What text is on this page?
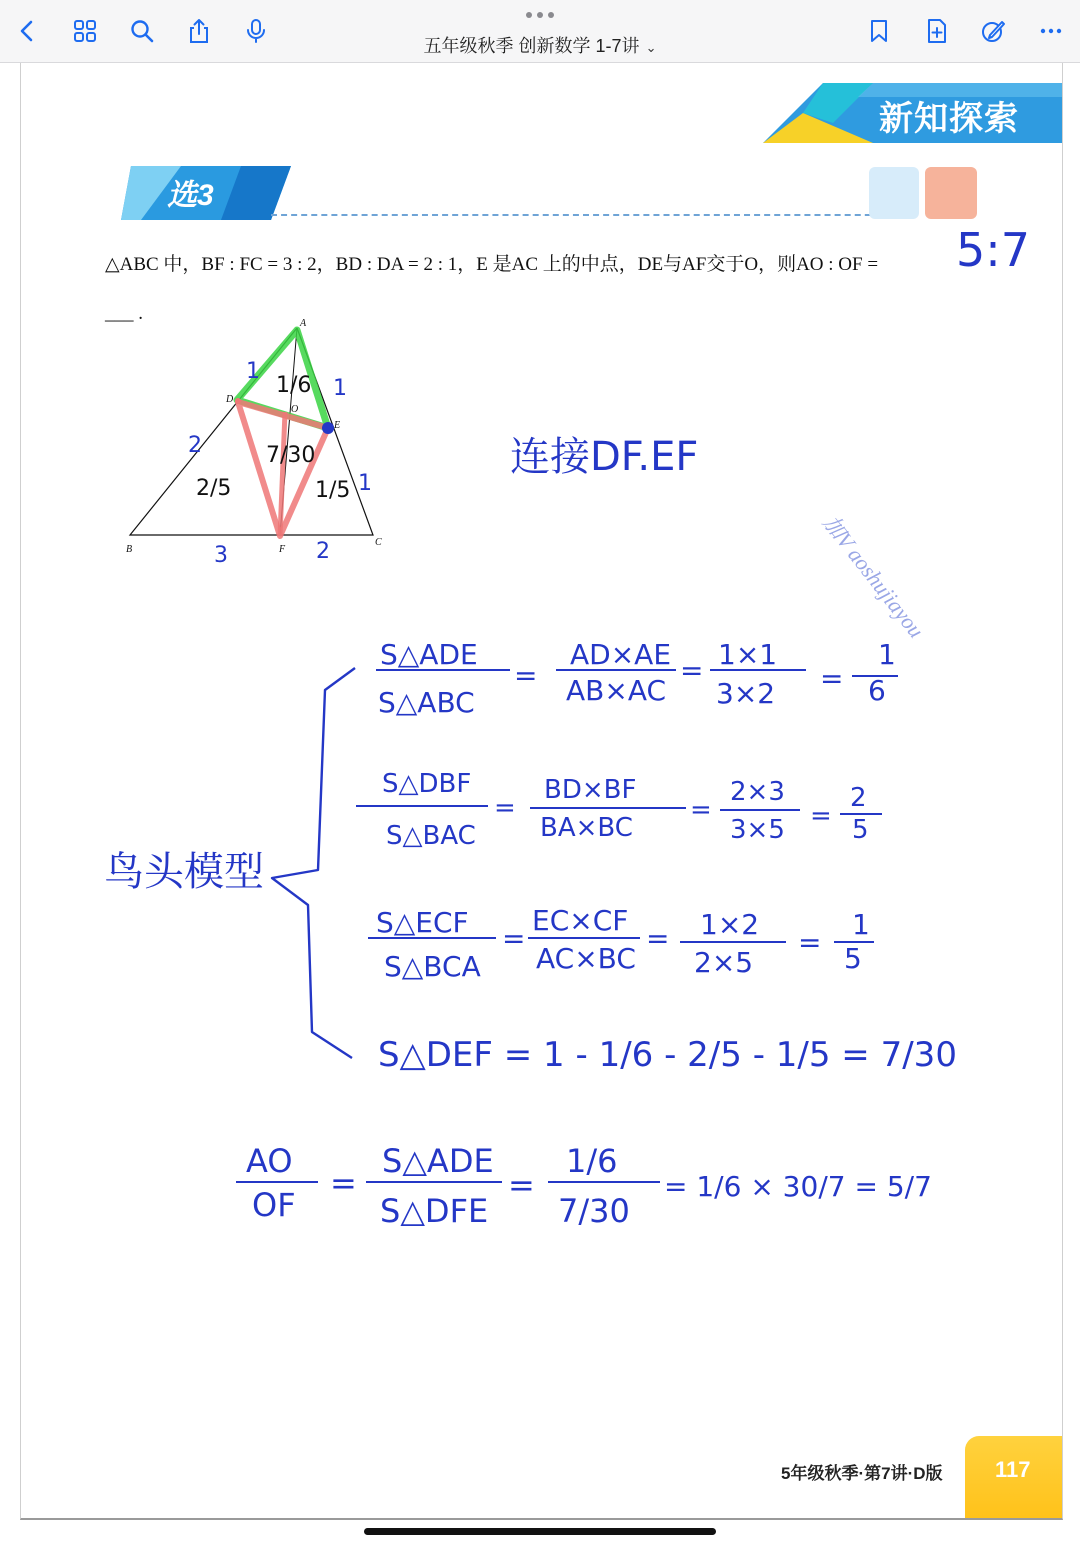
五年级秋季 创新数学 1-7讲 ⌄
新知探索
选3

△ABC 中，BF : FC = 3 : 2，BD : DA = 2 : 1，E 是AC 上的中点，DE与AF交于O，则AO : OF =
___ .
5:7
加V aoshujiayou
117
5年级秋季·第7讲·D版
A
B
C
D
E
F
O
1/6
7/30
2/5	1/5
1
1
2
1
3	2
连接DF.EF
鸟头模型
S△ADE
S△ABC
=
AD×AE
AB×AC
= 1×1
3×2 =
1
6
S△DBF
S△BAC
=
BD×BF
BA×BC
=
2×3
3×5 =
2
5
S△ECF
S△BCA
=
EC×CF
AC×BC
= 1×2
2×5
=
1
5
S△DEF = 1 - 1/6 - 2/5 - 1/5 = 7/30
AO
OF
=
S△ADE
S△DFE
=
1/6
7/30
= 1/6 × 30/7 = 5/7
